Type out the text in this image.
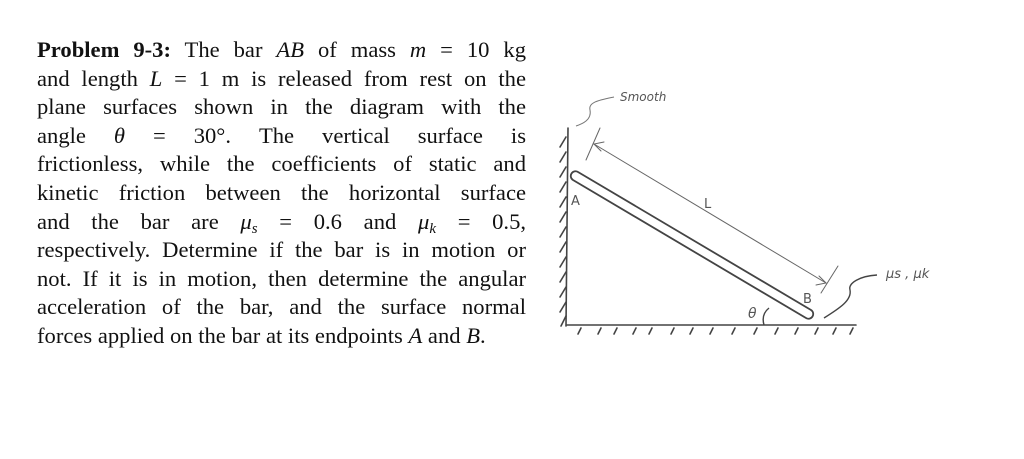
Problem 9-3: The bar AB of mass m = 10 kg
and length L = 1 m is released from rest on the
plane surfaces shown in the diagram with the
angle θ = 30°. The vertical surface is
frictionless, while the coefficients of static and
kinetic friction between the horizontal surface
and the bar are $\mu_s = 0.6$ and $\mu_k = 0.5$,
respectively. Determine if the bar is in motion or
not. If it is in motion, then determine the angular
acceleration of the bar, and the surface normal
forces applied on the bar at its endpoints A and B.
Smooth
A
B
L
θ
μs , μk
